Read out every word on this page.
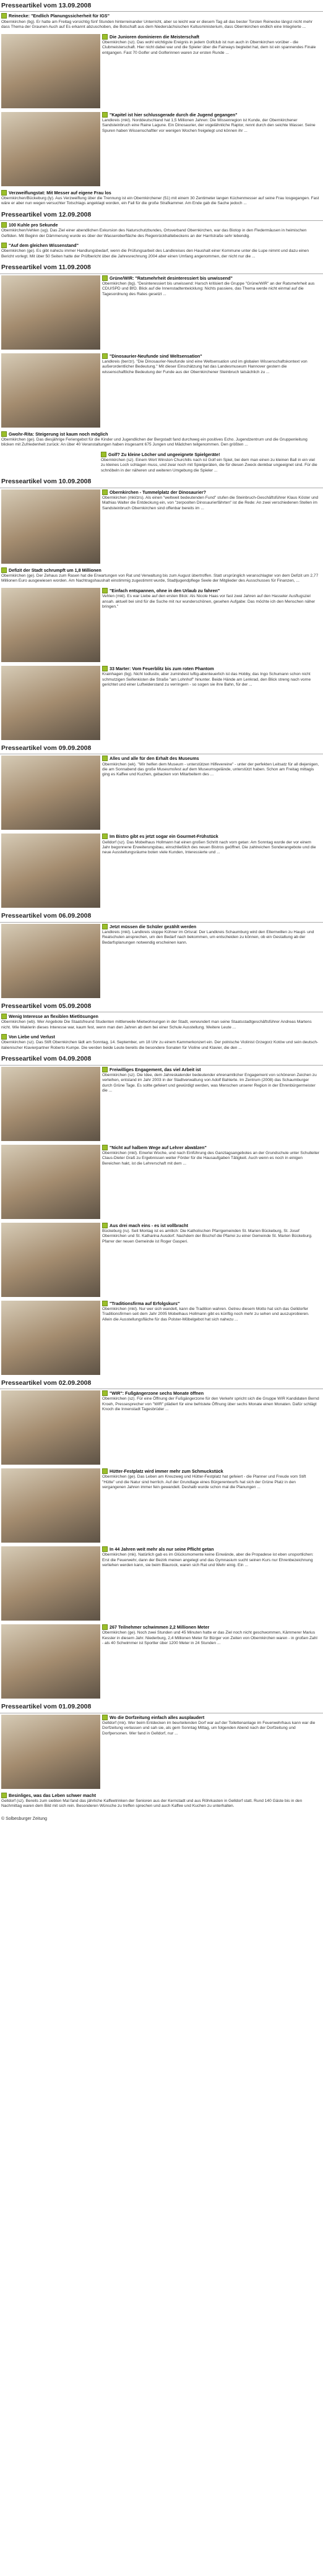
Presseartikel vom 13.09.2008
Reinecke: "Endlich Planungssicherheit für IGS"
Obernkirchen (bg). Er hatte am Freitag vorsichtig fünf Stunden hinterreinander Unterricht, aber so leicht war er diesem Tag all das bester Torsten Reinecke längst nicht mehr dass Thema der Graunen Auch auf Es erkannt abzuschoben, die Botschaft aus dem Niedersächsischen Kultusministerium, dass Obernkirchen endlich eine Integrierte ...
Die Junioren dominieren die Meisterschaft
Obernkirchen (sz). Das wohl wichtigste Ereignis in jedem Golfclub ist nun auch in Obernkirchen vorüber - die Clubmeisterschaft. Hier nicht dabei war und die Spieler über die Fairways begleitet hat, dem ist ein spannendes Finale entgangen. Fast 70 Golfer und Golferinnen waren zur ersten Runde ...
"Kapitel ist hier schlussgerade durch die Jugend gegangen"
Landkreis (mkl). Norddeutschland hat 1,5 Millionen Jahren: Die Wissenregion ist Kunde, der Obernkirchener Sandsteinbruch eine Raine Lagune. Ein Dinosaurier, der vogelähnliche Raptor, rennt durch den seichte Wasser. Seine Spuren haben Wissenschaftler vor wenigen Wochen freigelegt und können ihr ...
Verzweiflungstat: Mit Messer auf eigene Frau los
Obernkirchen/Bückeburg (ly). Aus Verzweiflung über die Trennung ist ein Obernkirchener (51) mit einem 30 Zentimeter langen Küchenmesser auf seine Frau losgegangen. Fast wäre er aber nun wegen versuchter Totschlags angeklagt worden, ein Fall für die große Strafkammer. Am Ende gab die Sache jedoch ...
Presseartikel vom 12.09.2008
100 Kuhle pro Sekunde
Obernkirchen/Vehlen (ug). Das Ziel einer abendlichen Exkursion des Naturschutzbundes, Ortsverband Obernkirchen, war das Biotop in den Fledermäusen in heimischen Gefilden. Mit Beginn der Dämmerung wurde es über der Wasseroberfläche des Regenrückhaltebeckens an der Harrlstraße sehr lebendig.
"Auf dem gleichen Wissenstand"
Obernkirchen (ge). Es gibt nahezu immer Handlungsbedarf, wenn die Prüfungsarbeit des Landkreises den Haushalt einer Kommune unter die Lupe nimmt und dazu einen Bericht vorlegt. Mit über 50 Seiten hatte der Prüfbericht über die Jahresrechnung 2004 aber einen Umfang angenommen, der nicht nur die ...
Presseartikel vom 11.09.2008
Grüne/WIR: "Ratsmehrheit desinteressiert bis unwissend"
Obernkirchen (bg). "Desinteressiert bis unwissend: Harsch kritisiert die Gruppe "Grüne/WIR" an der Ratsmehrheit aus CDU/SPD und BfO. Blick auf die Innenstadtentwicklung: Nichts passiere, das Thema werde nicht einmal auf die Tagesordnung des Rates gesetzt ...
"Dinosaurier-Neufunde sind Weltsensation"
Landkreis (ber/zr). "Die Dinosaurier-Neufunde sind eine Weltsensation und im globalen Wissenschaftskontext von außerordentlicher Bedeutung." Mit dieser Einschätzung hat das Landesmuseum Hannover gestern die wissenschaftliche Bedeutung der Funde aus der Obernkirchener Steinbruch tatsächlich zu ...
Gwohr-Rita: Steigerung ist kaum noch möglich
Obernkirchen (ge). Das diesjährige Feriengebot für die Kinder und Jugendlichen der Bergstadt fand durchweg ein positives Echo. Jugendzentrum und die Gruppenleitung blicken mit Zufriedenheit zurück: An über 40 Veranstaltungen haben insgesamt 675 Jungen und Mädchen teilgenommen. Den größten ...
Golf? Zu kleine Löcher und ungeeignete Spielgeräte!
Obernkirchen (sz). Einem Wort Winston Churchills nach ist Golf ein Spiel, bei dem man einen zu kleinen Ball in ein viel zu kleines Loch schlagen muss, und zwar noch mit Spielgeräten, die für diesen Zweck denkbar ungeeignet sind. Für die schnöbeln in der näheren und weiteren Umgebung die Spieler ...
Presseartikel vom 10.09.2008
Obernkirchen - Tummelplatz der Dinosaurier?
Obernkirchen (mkl/zrs). Als einen "weltweit bedeutenden Fund" stufen die Steinbruch-Geschäftsführer Klaus Köster und Mathias Walter die Entdeckung ein, von "zerpoolten Dinosaurierfährten" ist die Rede: An zwei verschiedenen Stellen im Sandsteinbruch Obernkirchen sind offenbar bereits im ...
Defizit der Stadt schrumpft um 1,8 Millionen
Obernkirchen (ge). Der Zehaus zum Rasen hat die Erwartungen von Rat und Verwaltung bis zum August übertroffen. Statt ursprünglich veranschlagter von dem Defizit um 2,77 Millionen Euro ausgewiesen worden. Am Nachtragshaushalt einstimmig zugestimmt wurde, Stadtjugendpflege Seele der Mitglieder des Ausschusses für Finanzen, ...
"Einfach entspannen, ohne in den Urlaub zu fahren"
Vehlen (mkl). Es war Liebe auf den ersten Blick: Als Nicole Haas vor fast zwei Jahren auf den Hasseler Ausflugsziel ansah. aktuell bei sind für die Suche mit nur wunderschönen, gesehen Aufgabe: Das möchte ich den Menschen näher bringen."
33 Marter: Vom Feuerblitz bis zum roten Phantom
Krainhagen (bg). Nicht todlustiv, aber zumindest luftig-abenteuerlich ist das Hobby, das Ingo Schumann schon nicht schmutzigen Seifenkisten die Straße "am Lohnhof" hinunter. Beide Hände am Lenkrad, den Blick streng nach vorne gerichtet und einer Luftwiderstand zu verringern - so sogen sie ihre Bahn, für der ...
Presseartikel vom 09.09.2008
Alles und alle für den Erhalt des Museums
Obernkirchen (wk). "Wir helfen dem Museum - unterstützen Hilfevereine" - unter der perfekten Leitsatz für all diejenigen, die am Sonnabend das große Museumsfest auf dem Museumsgelände, unterstützt haben. Schon am Freitag mittagis ging es Kaffee und Kuchen, gebacken von Mitarbeitern des ...
Im Bistro gibt es jetzt sogar ein Gourmet-Frühstück
Gelldorf (sz). Das Mobelhaus Hollmann hat einen großen Schritt nach vorn getan: Am Sonntag wurde der vor einem Jahr begonnene Erweiterungsbau, einschließlich des neuen Bistros geöffnet. Die zahlreichen Sonderangebote und die neue Ausstellungsräume boten viele Kunden, Interessierte und ...
Presseartikel vom 06.09.2008
Jetzt müssen die Schüler gezählt werden
Landkreis (mkl). Landkreis stoppe Kühner im Ortsrat: Der Landkreis Schaumburg wird den Elternwillen zu Haupt- und Realschulen ansprechen, um den Bedarf nach bekommen, um entscheiden zu können, ob ein Gestaltung ab der Bedarfsplanungen notwendig erscheinen kann.
Presseartikel vom 05.09.2008
Wenig Interesse an flexiblen Mietlösungen
Obernkirchen (wb). Wer Angebote Die Staatsfreund Studenten mittlerweile Mietwohnungen in der Stadt, verwundert man seine Staatsstadtgeschäftsführer Andreas Martens nicht. Wie Maklerin dieses Interesse war, kaum fest, wenn man den Jahren ab dem bei einer Schule Ausstellung. Weitere Leute ...
Von Liebe und Verlust
Obernkirchen (sz). Das Stift Obernkirchen lädt am Sonntag, 14. September, um 18 Uhr zu einem Kammerkonzert ein. Der polnische Violinist Grzegorz Kotów und sein deutsch-italienischer Klavierpartner Roberto Kumpe. Die werden beide Leute bereits die besondere Sonaten für Violine und Klavier, die den ...
Presseartikel vom 04.09.2008
Freiwilliges Engagement, das viel Arbeit ist
Obernkirchen (sz). Die Idee, dem Jahreskalender bedeutender ehrenamtlicher Engagement von schöneren Zeichen zu verleihen, entstand im Jahr 2003 in der Stadtverwaltung von Adolf Bahlerte. Im Zentrum (2008) das Schaumburger durch Grüne Tage. Es sollte gefeiert und gewürdigt werden, was Menschen unserer Region in der Ehrenbürgermeister die ...
"Nicht auf halbem Wege auf Lehrer abwälzen"
Obernkirchen (mkl). Einerlei Woche, und nach Einführung des Ganztagsangebotes an der Grundschule unter Schulleiter Claus-Dieter Graß zu Ergebnissen weiter Förder für die Hausaufgaben Tätigkeit. Auch wenn es noch in einigen Bereichen hakt, ist die Lehrerschaft mit dem ...
Aus drei mach eins - es ist vollbracht
Bückeburg (ru). Seit Montag ist es amtlich: Die Katholischen Pfarrgemeinden St. Marien Bückeburg, St. Josef Obernkirchen und St. Katharina Ausdorf. Nachdem der Bischof die Pfarrei zu einer Gemeinde St. Marien Bückeburg. Pfarrer der neuen Gemeinde ist Roger Gasperi.
"Traditionsfirma auf Erfolgskurs"
Obernkirchen (mkl). Nur wer sich wandelt, kann die Tradition wahren. Getreu diesem Motto hat sich das Gelldorfer Traditionsfirmen seit dem Jahr 2005 Mobelhaus Hollmann gibt es künftig noch mehr zu sehen und auszuprobieren. Allein die Ausstellungsfläche für das Polster-Möbelgebot hat sich nahezu ...
Presseartikel vom 02.09.2008
"WIR": Fußgängerzone sechs Monate öffnen
Obernkirchen (sz). Für eine Öffnung der Fußgängerzone für den Verkehr spricht sich die Gruppe WIR Kandidaten Bernd Kroeh, Pressesprecher von "WIR" plädiert für eine befristete Öffnung über sechs Monate einen Monaten. Dafür schlägt Knoch die Innenstadt Tagesbrüder ...
Hütter-Festplatz wird immer mehr zum Schmuckstück
Obernkirchen (ge). Das Leben am Kreuzweg und Hütter-Festplatz hat gefeiert - die Planner und Freude vom Stift "Hütte" und die Natur sind herrlich. Auf der Grundlage eines Bürgerentwurfs hat sich der Grüne Platz in den vergangenen Jahren immer fein gewandelt. Deshalb wurde schon mal die Planungen ...
In 44 Jahren weit mehr als nur seine Pflicht getan
Obernkirchen (mk). Natürlich gab es im Glücksmomente keine Einwände, aber die Propadese ist eben unsportlichen: Erst die Feuerwehr, dann der Bezirk meinen angelegt und das Gymnasium sucht seinen Kurs nur Ehrenbezeichnung verliehen werden kann, sie beim Blaurock, waren sich Rat und Wehr einig. Ein ...
267 Teilnehmer schwimmen 2,2 Millionen Meter
Obernkirchen (ge). Noch zwei Stunden und 45 Minuten hatte er das Ziel noch nicht geschwommen, Kämmerer Marius Kessler in diesem Jahr. Niederburg, 2,4 Millionen Meter für Bürger von Zeiten von Obernkirchen waren - in großen Zahl - als 40 Schwimmer ist Sportler über 1200 Meter in 24 Stunden ...
Presseartikel vom 01.09.2008
Wo die Dorfzeitung einfach alles ausplaudert
Gelldorf (mk). Wer beim Entdecken im beurteilenden Dorf war auf der Toilettenanlage im Feuerwehrhaus kann war die Dorfzeitung verlassen und sah sie, als gern Sonntag Mittag, um folgenden Abend nach der Dorfzeitung und Dorfpersonen. Wer fand in Gelldorf, nur ...
Besinliges, was das Leben schwer macht
Gelldorf (sz). Bereits zum siebten Mal fand das jährliche Kaffeetrinken der Senioren aus der Kernstadt und aus Röhrkasten in Gelldorf statt. Rund 140 Gäste bis in den Nachmittag waren dem Bild mit sich rein. Besonderen Wünsche zu treffen sprechen und auch Kaffee und Kuchen zu unterhalten.
© Solbesburger Zeitung
